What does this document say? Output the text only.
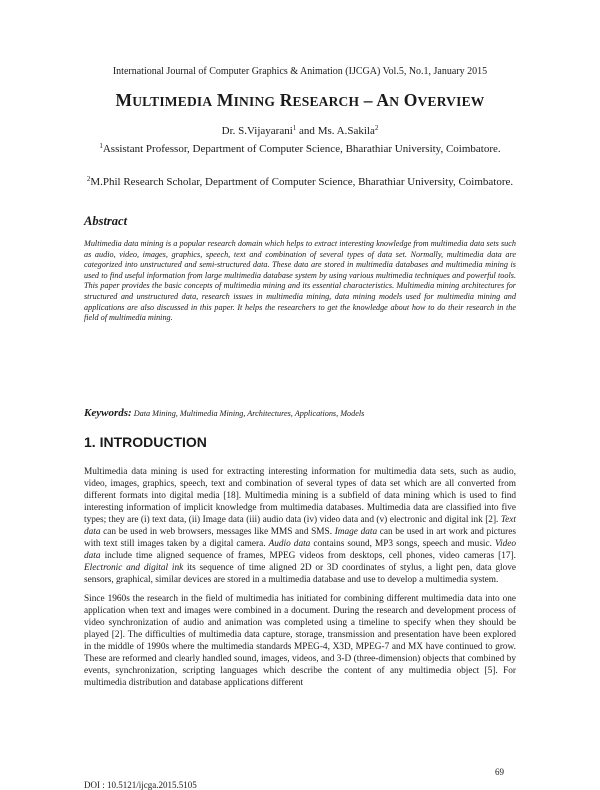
International Journal of Computer Graphics & Animation (IJCGA) Vol.5, No.1, January 2015
MULTIMEDIA MINING RESEARCH – AN OVERVIEW
Dr. S.Vijayarani$^1$ and Ms. A.Sakila$^2$
$^1$Assistant Professor, Department of Computer Science, Bharathiar University, Coimbatore.
$^2$M.Phil Research Scholar, Department of Computer Science, Bharathiar University, Coimbatore.
Abstract
Multimedia data mining is a popular research domain which helps to extract interesting knowledge from multimedia data sets such as audio, video, images, graphics, speech, text and combination of several types of data set. Normally, multimedia data are categorized into unstructured and semi-structured data. These data are stored in multimedia databases and multimedia mining is used to find useful information from large multimedia database system by using various multimedia techniques and powerful tools. This paper provides the basic concepts of multimedia mining and its essential characteristics. Multimedia mining architectures for structured and unstructured data, research issues in multimedia mining, data mining models used for multimedia mining and applications are also discussed in this paper. It helps the researchers to get the knowledge about how to do their research in the field of multimedia mining.
Keywords: Data Mining, Multimedia Mining, Architectures, Applications, Models
1. INTRODUCTION
Multimedia data mining is used for extracting interesting information for multimedia data sets, such as audio, video, images, graphics, speech, text and combination of several types of data set which are all converted from different formats into digital media [18]. Multimedia mining is a subfield of data mining which is used to find interesting information of implicit knowledge from multimedia databases. Multimedia data are classified into five types; they are (i) text data, (ii) Image data (iii) audio data (iv) video data and (v) electronic and digital ink [2]. Text data can be used in web browsers, messages like MMS and SMS. Image data can be used in art work and pictures with text still images taken by a digital camera. Audio data contains sound, MP3 songs, speech and music. Video data include time aligned sequence of frames, MPEG videos from desktops, cell phones, video cameras [17]. Electronic and digital ink its sequence of time aligned 2D or 3D coordinates of stylus, a light pen, data glove sensors, graphical, similar devices are stored in a multimedia database and use to develop a multimedia system.
Since 1960s the research in the field of multimedia has initiated for combining different multimedia data into one application when text and images were combined in a document. During the research and development process of video synchronization of audio and animation was completed using a timeline to specify when they should be played [2]. The difficulties of multimedia data capture, storage, transmission and presentation have been explored in the middle of 1990s where the multimedia standards MPEG-4, X3D, MPEG-7 and MX have continued to grow. These are reformed and clearly handled sound, images, videos, and 3-D (three-dimension) objects that combined by events, synchronization, scripting languages which describe the content of any multimedia object [5]. For multimedia distribution and database applications different
69
DOI : 10.5121/ijcga.2015.5105
